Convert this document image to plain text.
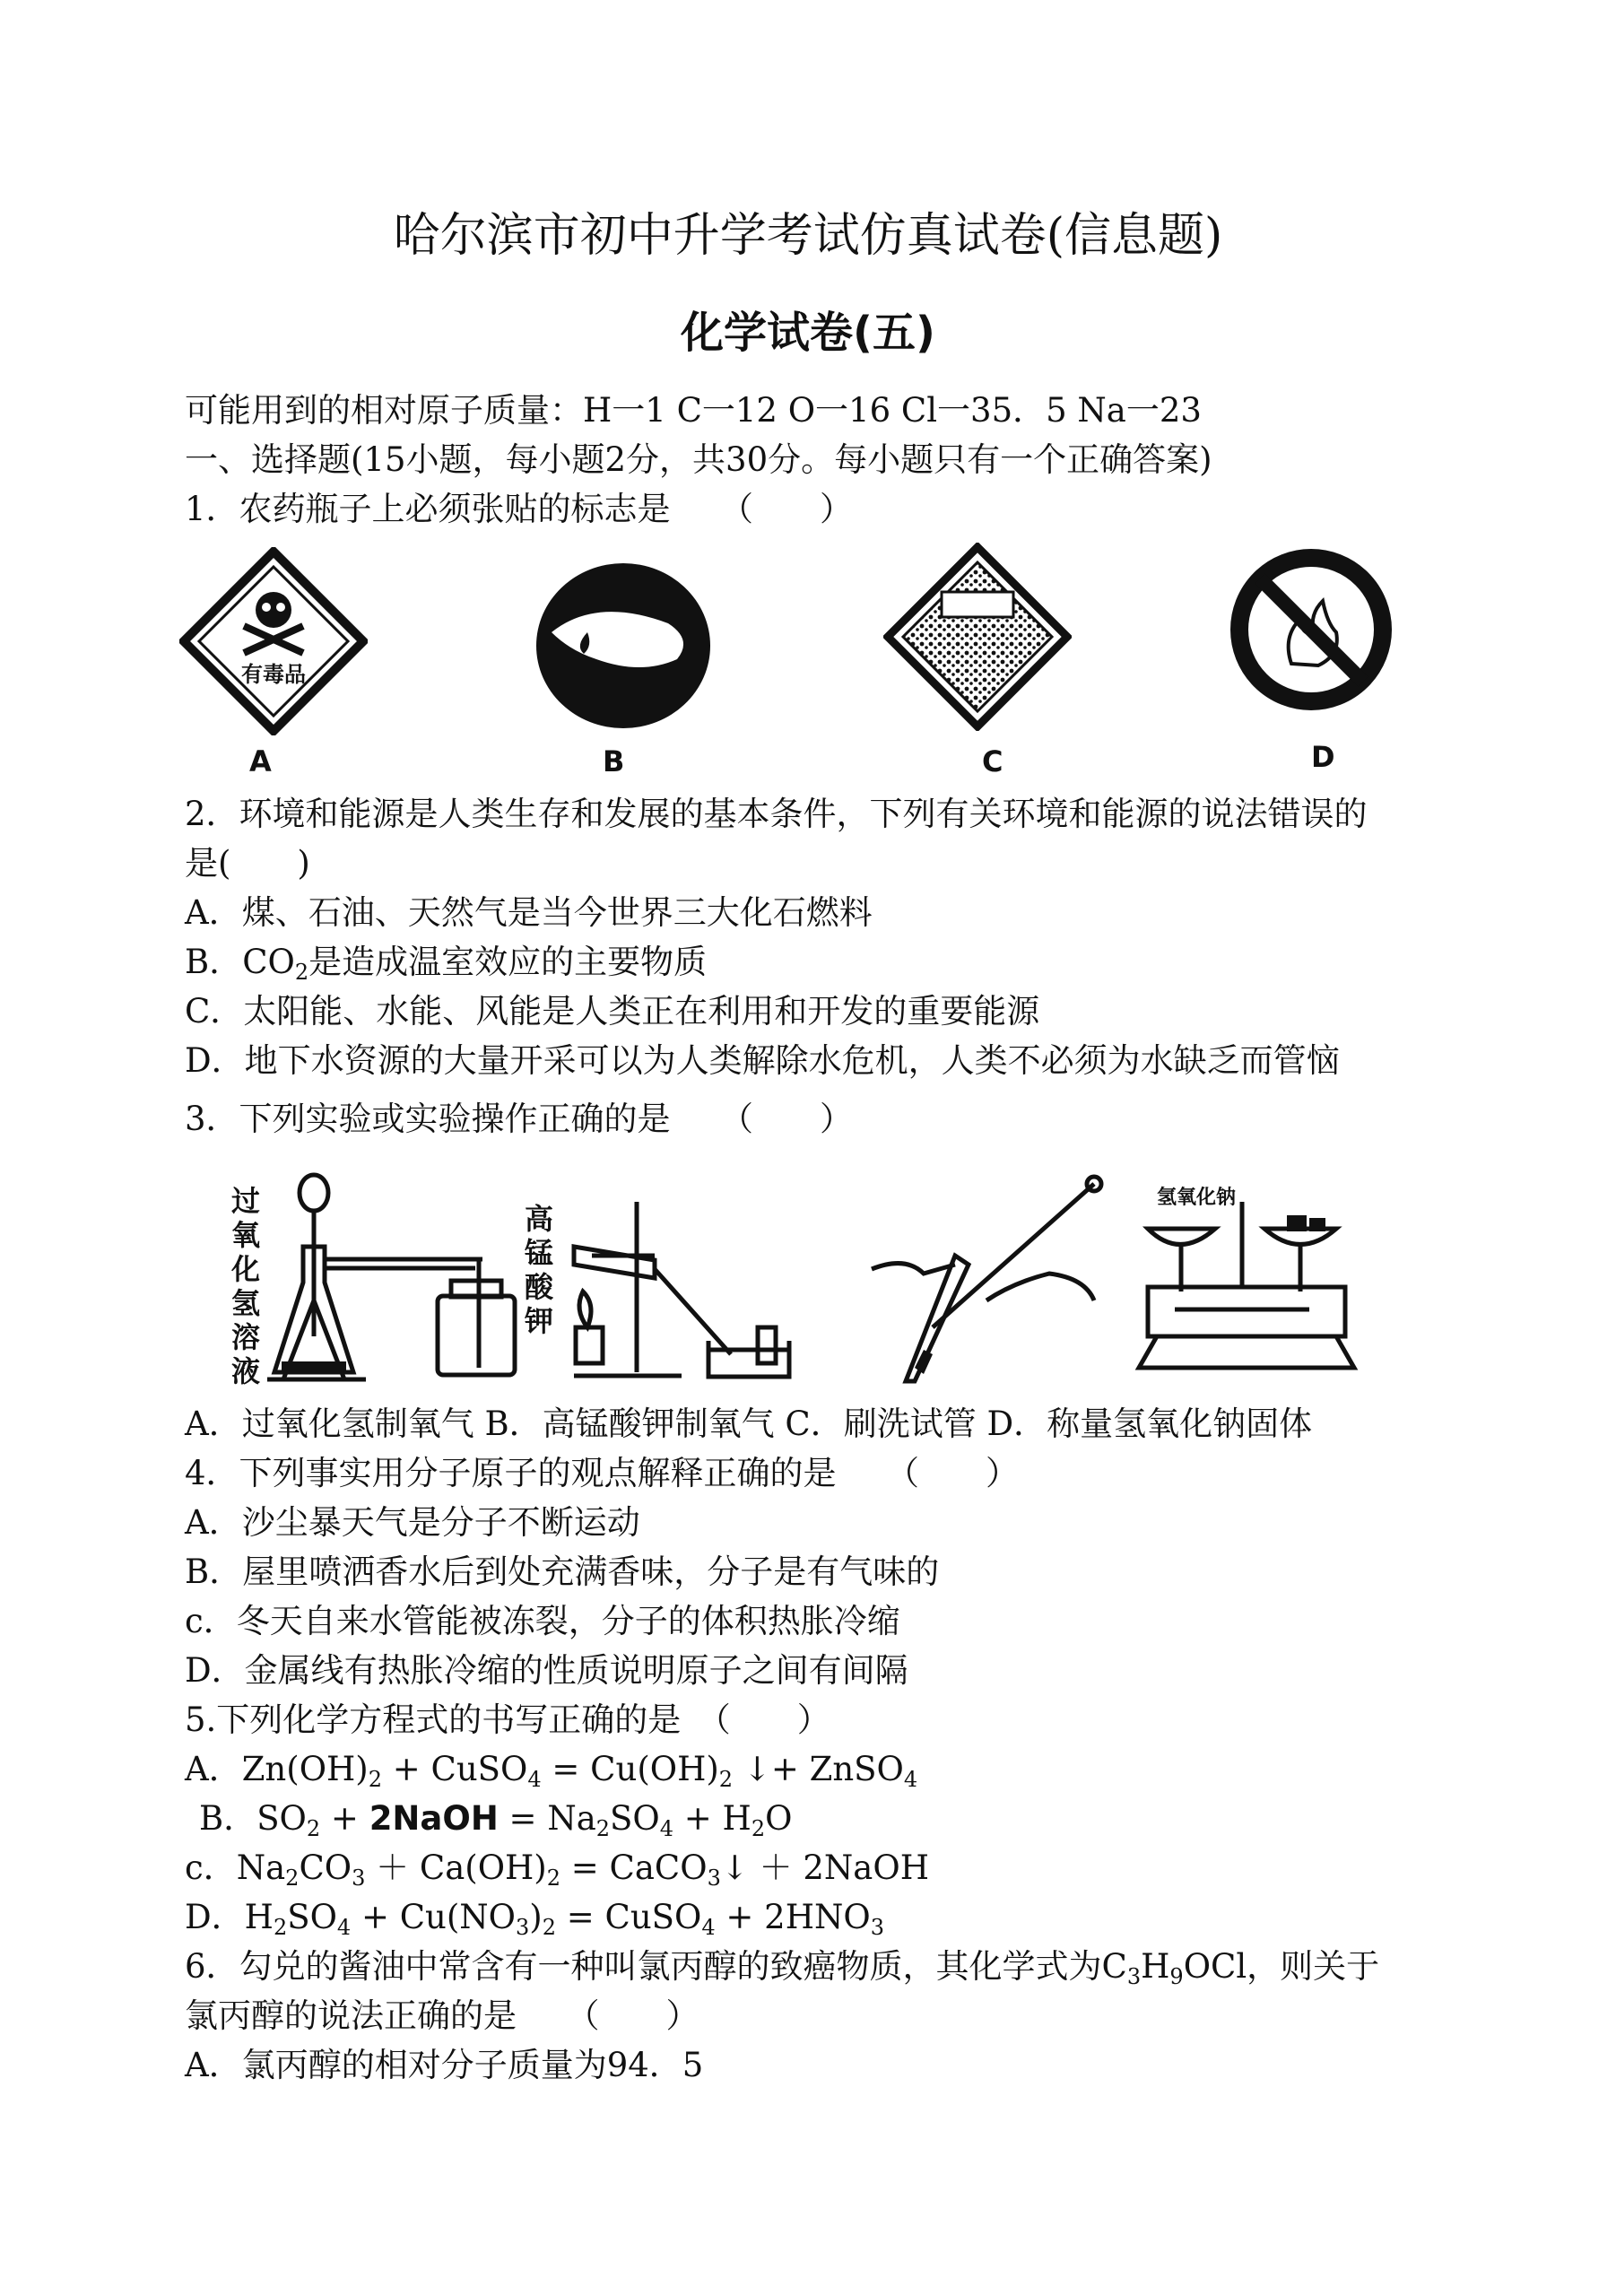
哈尔滨市初中升学考试仿真试卷(信息题)
化学试卷(五)
可能用到的相对原子质量：H一1 C一12 O一16 Cl一35．5 Na一23
一、选择题(15小题，每小题2分，共30分。每小题只有一个正确答案)
1．农药瓶子上必须张贴的标志是　　（　　）
有毒品
A	B	C	D
2．环境和能源是人类生存和发展的基本条件，下列有关环境和能源的说法错误的
是(　　)
A．煤、石油、天然气是当今世界三大化石燃料
B．$CO_2$是造成温室效应的主要物质
C．太阳能、水能、风能是人类正在利用和开发的重要能源
D．地下水资源的大量开采可以为人类解除水危机，人类不必须为水缺乏而管恼
3．下列实验或实验操作正确的是　　（　　）
过氧化氢溶液
高锰酸钾
氢氧化钠
A．过氧化氢制氧气 B．高锰酸钾制氧气 C．刷洗试管 D．称量氢氧化钠固体
4．下列事实用分子原子的观点解释正确的是　　（　　）
A．沙尘暴天气是分子不断运动
B．屋里喷洒香水后到处充满香味，分子是有气味的
c．冬天自来水管能被冻裂，分子的体积热胀冷缩
D．金属线有热胀冷缩的性质说明原子之间有间隔
5.下列化学方程式的书写正确的是　（　　）
A．$Zn(OH)_2$ + CuSO$_4$ = $Cu(OH)_2$ ↓+ ZnSO$_4$
B．$SO_2$ + 2NaOH = $Na_2SO_4 + H_2O$
c．$Na_2CO_3 + Ca(OH)_2$ = CaCO$_3$↓ ＋ 2NaOH
D．$H_2SO_4 + Cu(NO_3)_2$ = CuSO$_4$ + $2HNO_3$
6．勾兑的酱油中常含有一种叫氯丙醇的致癌物质，其化学式为$C_3H_9OCl$，则关于
氯丙醇的说法正确的是　　（　　）
A．氯丙醇的相对分子质量为94．5
